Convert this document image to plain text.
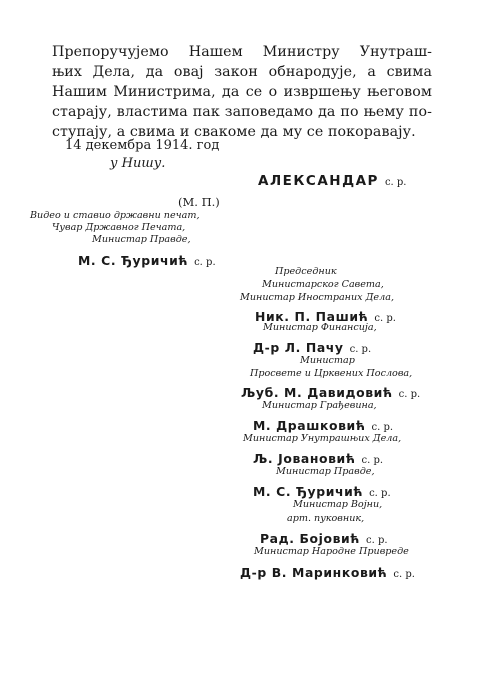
Препоручујемо Нашем Министру Унутраш-
њих Дела, да овај закон обнародује, а свима
Нашим Министрима, да се о извршењу његовом
старају, властима пак заповедамо да по њему по-
ступају, а свима и свакоме да му се покоравају.
14 декембра 1914. год
у Нишу.
АЛЕКСАНДАР с. р.
(М. П.)
Видео и ставио државни печат,
Чувар Државног Печата,
Министар Правде,
М. С. Ђуричић с. р.
Председник
Министарског Савета,
Министар Иностраних Дела,
Ник. П. Пашић с. р.
Министар Финансија,
Д-р Л. Пачу с. р.
Министар
Просвете и Црквених Послова,
Љуб. М. Давидовић с. р.
Министар Грађевина,
М. Драшковић с. р.
Министар Унутрашњих Дела,
Љ. Јовановић с. р.
Министар Правде,
М. С. Ђуричић с. р.
Министар Војни,
арт. пуковник,
Рад. Бојовић с. р.
Министар Народне Привреде
Д-р В. Маринковић с. р.
